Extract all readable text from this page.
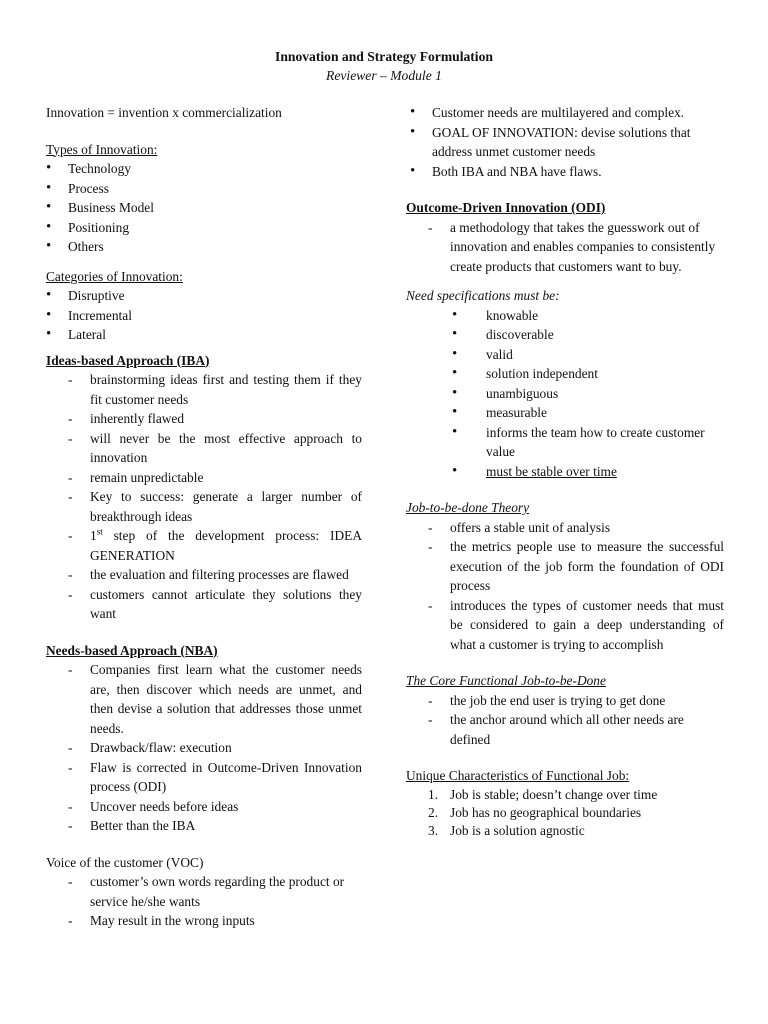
Innovation and Strategy Formulation
Reviewer – Module 1

Innovation = invention x commercialization

Types of Innovation:

• Technology
• Process
• Business Model
• Positioning
• Others

Categories of Innovation:

• Disruptive
• Incremental
• Lateral

Ideas-based Approach (IBA)

- brainstorming ideas first and testing them if they fit customer needs
- inherently flawed
- will never be the most effective approach to innovation
- remain unpredictable
- Key to success: generate a larger number of breakthrough ideas
- 1st step of the development process: IDEA GENERATION
- the evaluation and filtering processes are flawed
- customers cannot articulate they solutions they want

Needs-based Approach (NBA)

- Companies first learn what the customer needs are, then discover which needs are unmet, and then devise a solution that addresses those unmet needs.
- Drawback/flaw: execution
- Flaw is corrected in Outcome-Driven Innovation process (ODI)
- Uncover needs before ideas
- Better than the IBA

Voice of the customer (VOC)

- customer’s own words regarding the product or service he/she wants
- May result in the wrong inputs
• Customer needs are multilayered and complex.
• GOAL OF INNOVATION: devise solutions that address unmet customer needs
• Both IBA and NBA have flaws.

Outcome-Driven Innovation (ODI)

- a methodology that takes the guesswork out of innovation and enables companies to consistently create products that customers want to buy.

Need specifications must be:

• knowable
• discoverable
• valid
• solution independent
• unambiguous
• measurable
• informs the team how to create customer value
• must be stable over time

Job-to-be-done Theory

- offers a stable unit of analysis
- the metrics people use to measure the successful execution of the job form the foundation of ODI process
- introduces the types of customer needs that must be considered to gain a deep understanding of what a customer is trying to accomplish

The Core Functional Job-to-be-Done

- the job the end user is trying to get done
- the anchor around which all other needs are defined

Unique Characteristics of Functional Job:

1. Job is stable; doesn’t change over time
2. Job has no geographical boundaries
3. Job is a solution agnostic
